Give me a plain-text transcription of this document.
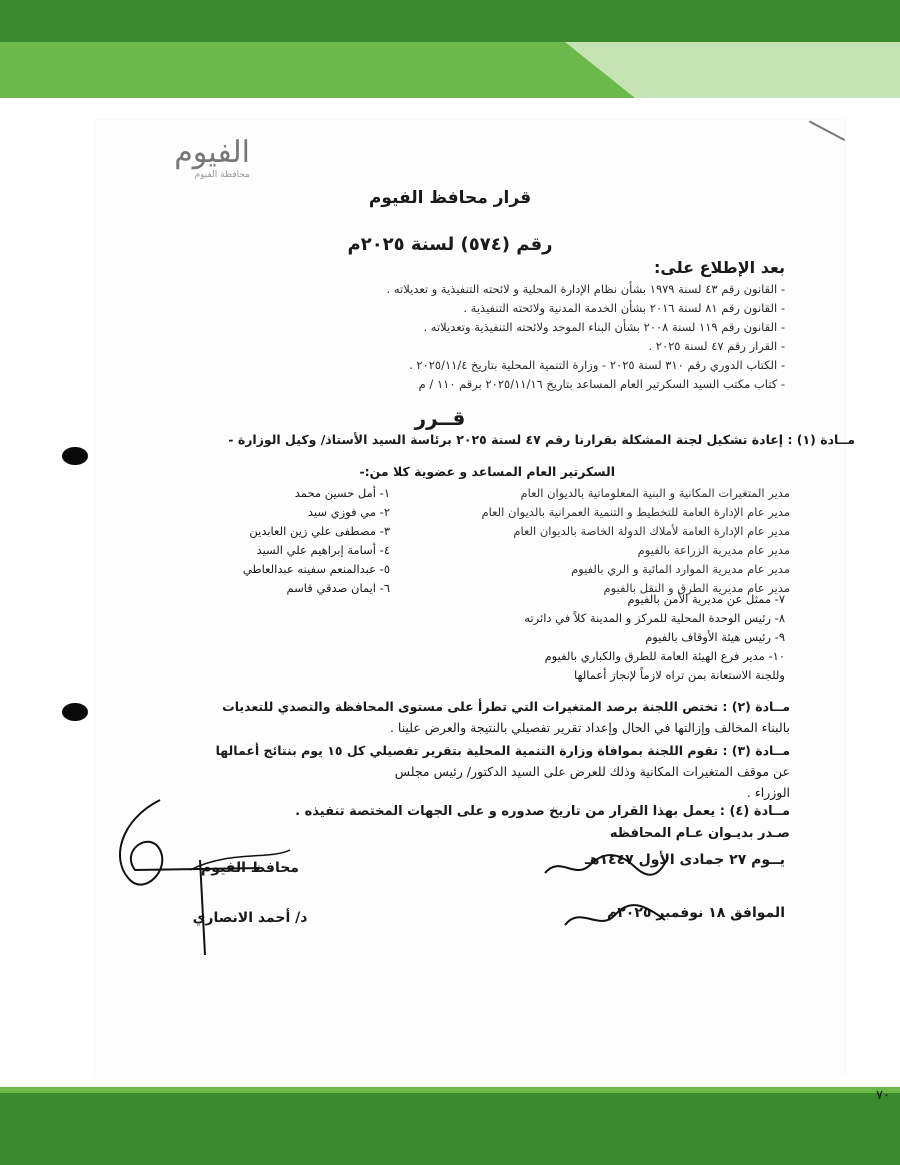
الفيوم
محافظة الفيوم
قرار محافظ الفيوم
رقم (٥٧٤) لسنة ٢٠٢٥م
بعد الإطلاع على:
- القانون رقم ٤٣ لسنة ١٩٧٩ بشأن نظام الإدارة المحلية و لائحته التنفيذية و تعديلاته .
- القانون رقم ٨١ لسنة ٢٠١٦ بشأن الخدمة المدنية ولائحته التنفيذية .
- القانون رقم ١١٩ لسنة ٢٠٠٨ بشأن البناء الموحد ولائحته التنفيذية وتعديلاته .
- القرار رقم ٤٧ لسنة ٢٠٢٥ .
- الكتاب الدوري رقم ٣١٠ لسنة ٢٠٢٥ - وزارة التنمية المحلية بتاريخ ٢٠٢٥/١١/٤ .
- كتاب مكتب السيد السكرتير العام المساعد بتاريخ ٢٠٢٥/١١/١٦ برقم ١١٠ / م
قــرر
مــادة (١) : إعادة تشكيل لجنة المشكلة بقرارنا رقم ٤٧ لسنة ٢٠٢٥ برئاسة السيد الأستاذ/ وكيل الوزارة -
السكرتير العام المساعد و عضوية كلا من:-
١- أمل حسين محمد	مدير المتغيرات المكانية و البنية المعلوماتية بالديوان العام
٢- مي فوزي سيد	مدير عام الإدارة العامة للتخطيط و التنمية العمرانية بالديوان العام
٣- مصطفى علي زين العابدين	مدير عام الإدارة العامة لأملاك الدولة الخاصة بالديوان العام
٤- أسامة إبراهيم علي السيد	مدير عام مديرية الزراعة بالفيوم
٥- عبدالمنعم سفينه عبدالعاطي	مدير عام مديرية الموارد المائية و الري بالفيوم
٦- ايمان صدقي قاسم	مدير عام مديرية الطرق و النقل بالفيوم
٧- ممثل عن مديرية الأمن بالفيوم
٨- رئيس الوحدة المحلية للمركز و المدينة كلاً في دائرته
٩- رئيس هيئة الأوقاف بالفيوم
١٠- مدير فرع الهيئة العامة للطرق والكباري بالفيوم
وللجنة الاستعانة بمن تراه لازماً لإنجاز أعمالها
مــادة (٢) : تختص اللجنة برصد المتغيرات التي تطرأ على مستوى المحافظة والتصدي للتعديات
بالبناء المخالف وإزالتها في الحال وإعداد تقرير تفصيلي بالنتيجة والعرض علينا .
مــادة (٣) : تقوم اللجنة بموافاة وزارة التنمية المحلية بتقرير تفصيلي كل ١٥ يوم بنتائج أعمالها
عن موقف المتغيرات المكانية وذلك للعرض على السيد الدكتور/ رئيس مجلس
الوزراء .
مــادة (٤) : يعمل بهذا القرار من تاريخ صدوره و على الجهات المختصة تنفيذه .
صـدر بديـوان عـام المحافظه
يــوم ٢٧ جمادى الأول ١٤٤٧هـ
الموافق ١٨ نوفمبر ٢٠٢٥م
محافظ الفيوم
د/ أحمد الانصاري
٧٠
